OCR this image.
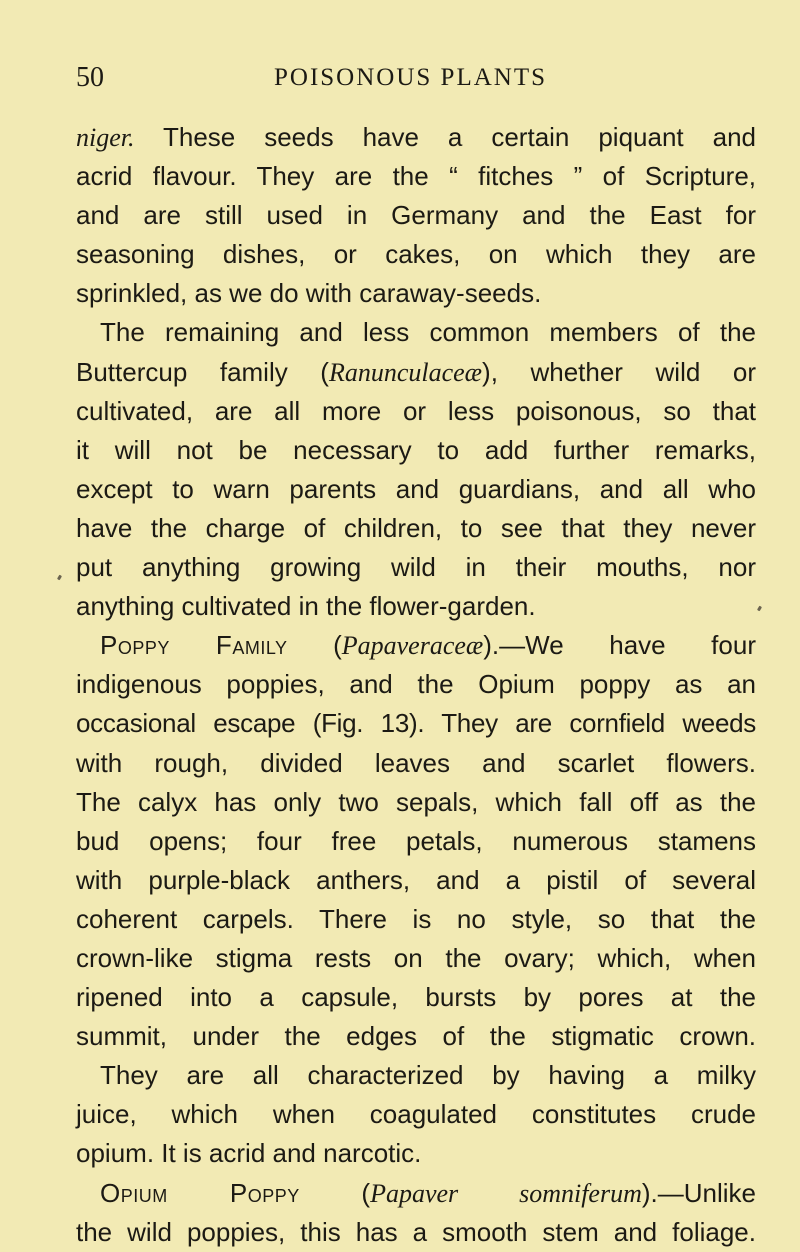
50	POISONOUS PLANTS
niger. These seeds have a certain piquant and
acrid flavour. They are the “ fitches ” of Scripture,
and are still used in Germany and the East for
seasoning dishes, or cakes, on which they are
sprinkled, as we do with caraway-seeds.
The remaining and less common members of the
Buttercup family (Ranunculaceæ), whether wild or
cultivated, are all more or less poisonous, so that
it will not be necessary to add further remarks,
except to warn parents and guardians, and all who
have the charge of children, to see that they never
put anything growing wild in their mouths, nor
anything cultivated in the flower-garden.
Poppy Family (Papaveraceæ).—We have four
indigenous poppies, and the Opium poppy as an
occasional escape (Fig. 13). They are cornfield weeds
with rough, divided leaves and scarlet flowers.
The calyx has only two sepals, which fall off as the
bud opens; four free petals, numerous stamens
with purple-black anthers, and a pistil of several
coherent carpels. There is no style, so that the
crown-like stigma rests on the ovary; which, when
ripened into a capsule, bursts by pores at the
summit, under the edges of the stigmatic crown.
They are all characterized by having a milky
juice, which when coagulated constitutes crude
opium. It is acrid and narcotic.
Opium Poppy (Papaver somniferum).—Unlike
the wild poppies, this has a smooth stem and foliage.
